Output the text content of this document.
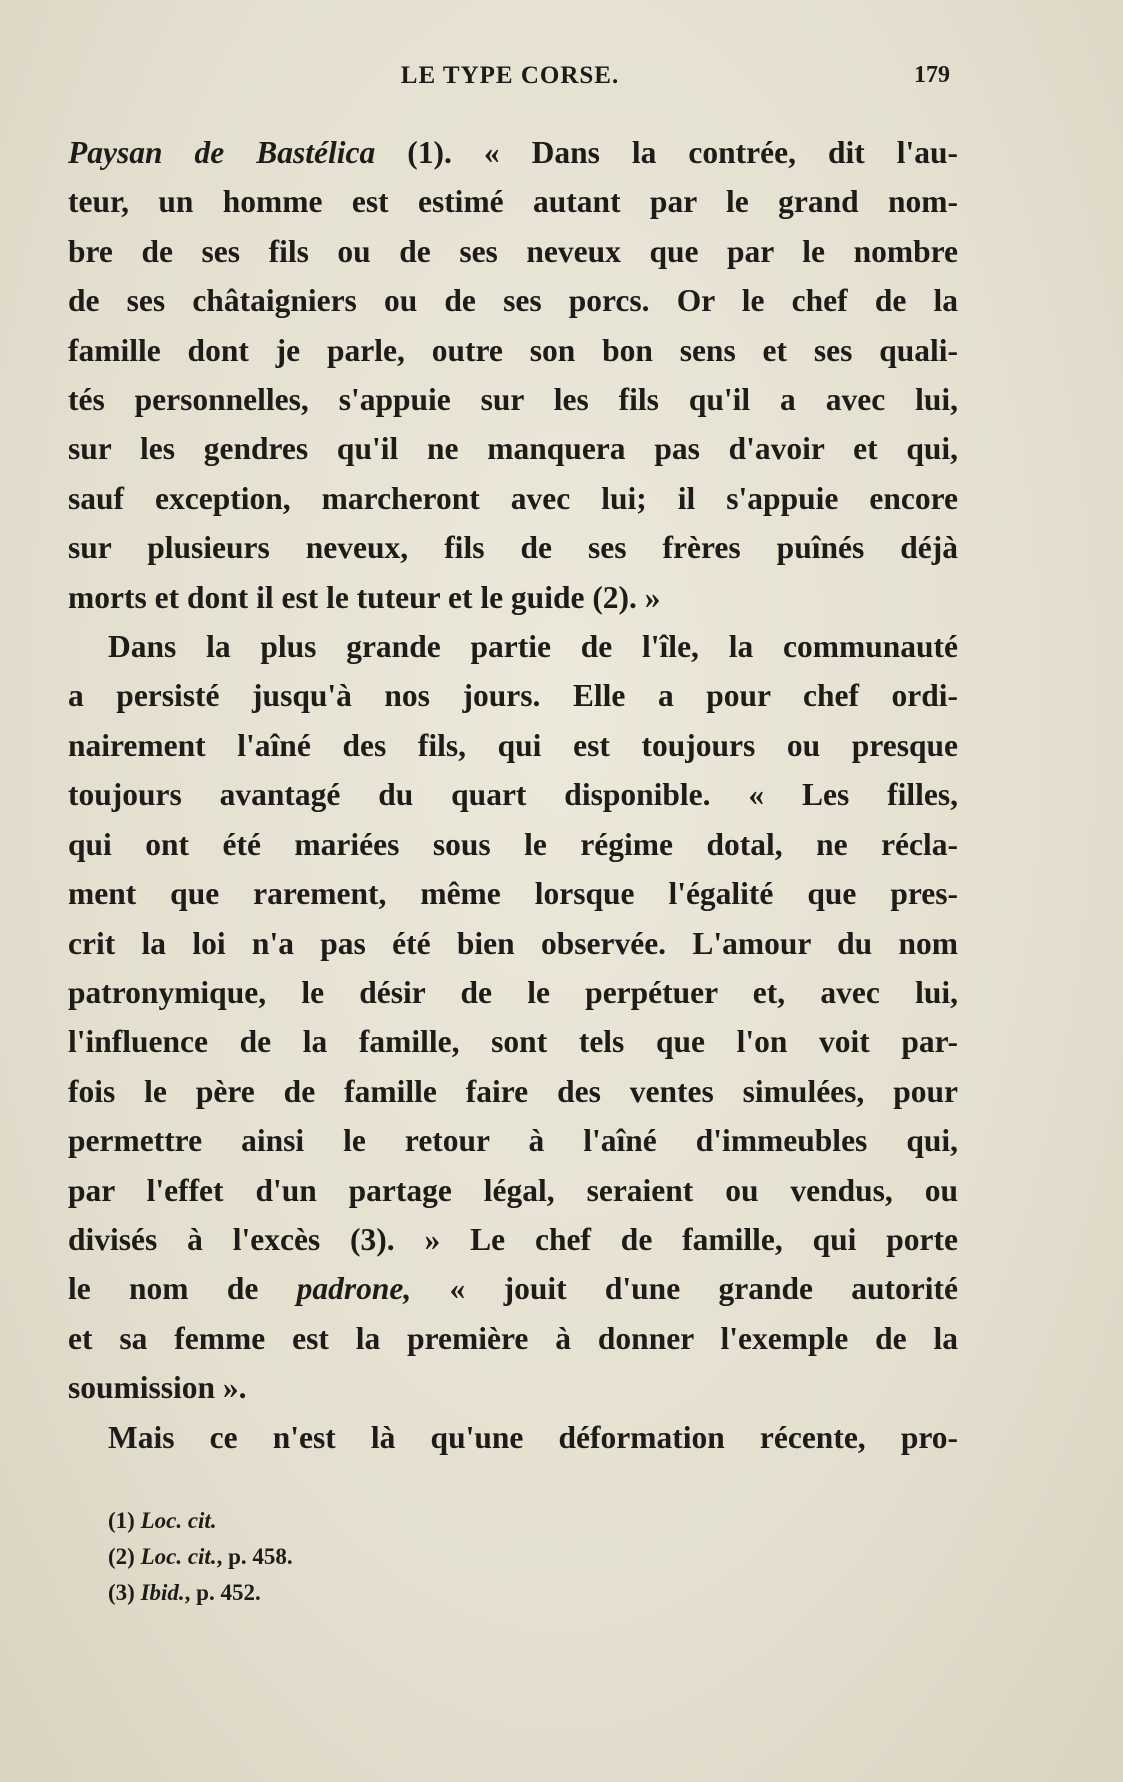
LE TYPE CORSE.	179
Paysan de Bastélica (1). « Dans la contrée, dit l'au-
teur, un homme est estimé autant par le grand nom-
bre de ses fils ou de ses neveux que par le nombre
de ses châtaigniers ou de ses porcs. Or le chef de la
famille dont je parle, outre son bon sens et ses quali-
tés personnelles, s'appuie sur les fils qu'il a avec lui,
sur les gendres qu'il ne manquera pas d'avoir et qui,
sauf exception, marcheront avec lui; il s'appuie encore
sur plusieurs neveux, fils de ses frères puînés déjà
morts et dont il est le tuteur et le guide (2). »
Dans la plus grande partie de l'île, la communauté
a persisté jusqu'à nos jours. Elle a pour chef ordi-
nairement l'aîné des fils, qui est toujours ou presque
toujours avantagé du quart disponible. « Les filles,
qui ont été mariées sous le régime dotal, ne récla-
ment que rarement, même lorsque l'égalité que pres-
crit la loi n'a pas été bien observée. L'amour du nom
patronymique, le désir de le perpétuer et, avec lui,
l'influence de la famille, sont tels que l'on voit par-
fois le père de famille faire des ventes simulées, pour
permettre ainsi le retour à l'aîné d'immeubles qui,
par l'effet d'un partage légal, seraient ou vendus, ou
divisés à l'excès (3). » Le chef de famille, qui porte
le nom de padrone, « jouit d'une grande autorité
et sa femme est la première à donner l'exemple de la
soumission ».
Mais ce n'est là qu'une déformation récente, pro-
(1) Loc. cit.
(2) Loc. cit., p. 458.
(3) Ibid., p. 452.
